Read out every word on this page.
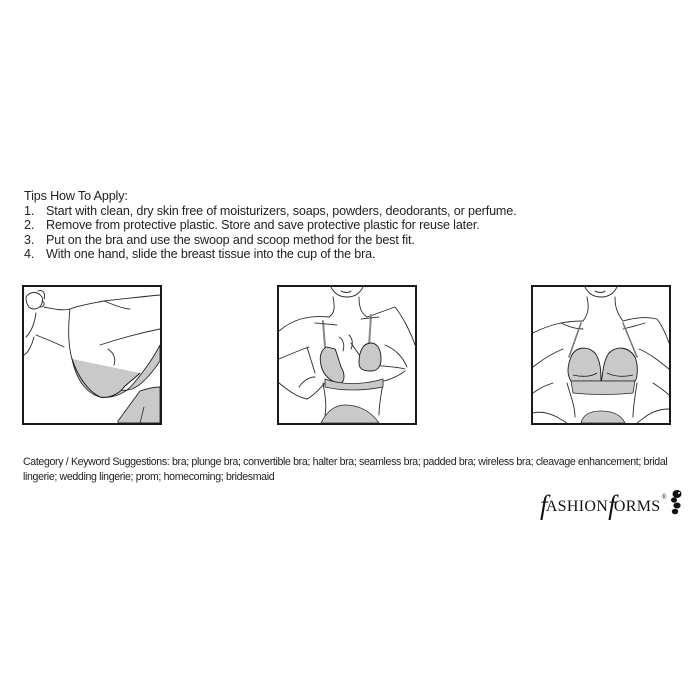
Tips How To Apply:
1. Start with clean, dry skin free of moisturizers, soaps, powders, deodorants, or perfume.
2. Remove from protective plastic. Store and save protective plastic for reuse later.
3. Put on the bra and use the swoop and scoop method for the best fit.
4. With one hand, slide the breast tissue into the cup of the bra.
Category / Keyword Suggestions: bra; plunge bra; convertible bra; halter bra; seamless bra; padded bra; wireless bra; cleavage enhancement; bridal lingerie; wedding lingerie; prom; homecoming; bridesmaid
f
ASHION f
ORMS
®
